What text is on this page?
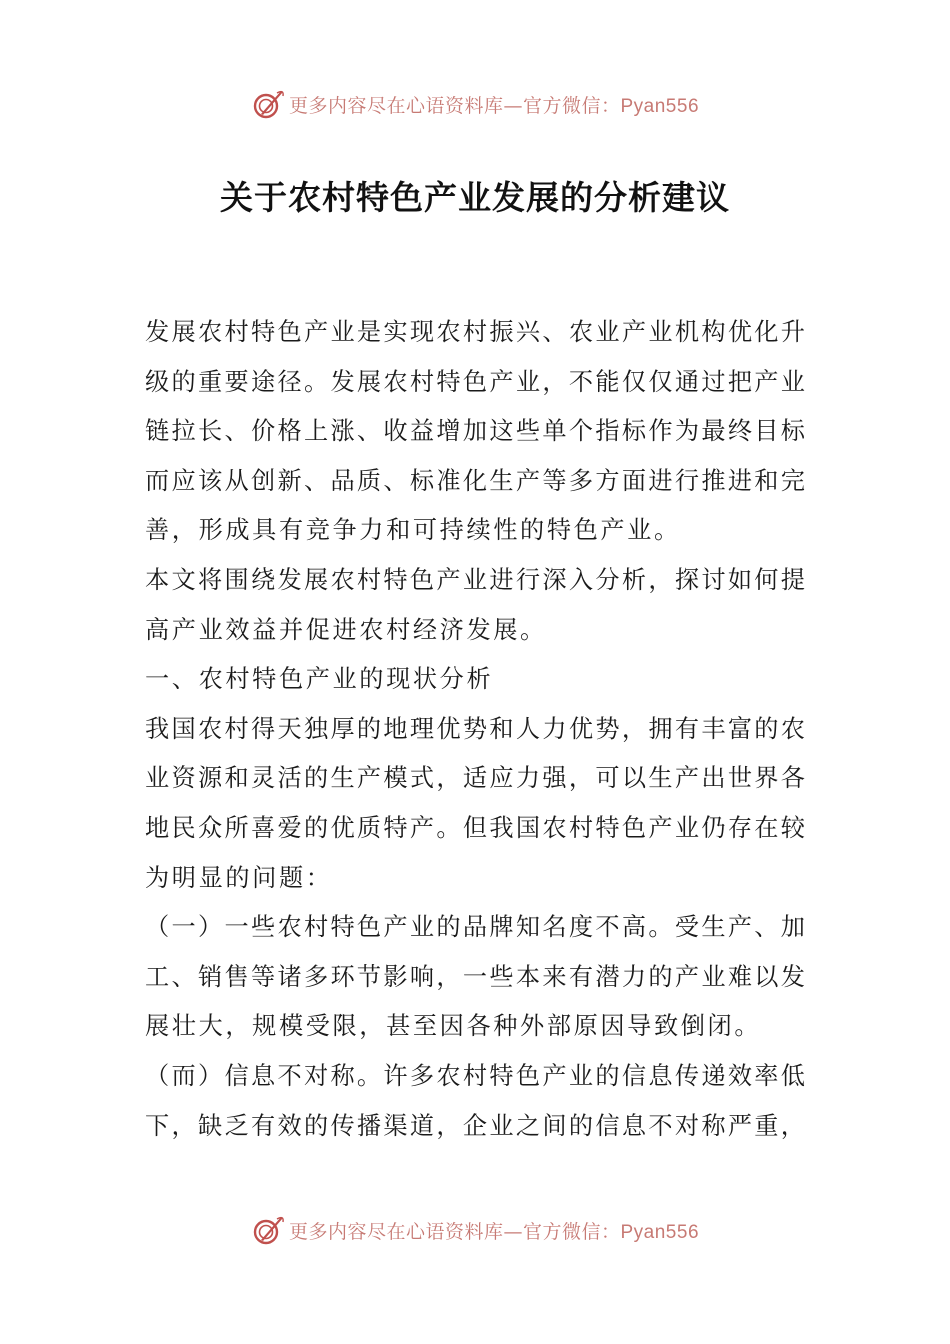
更多内容尽在心语资料库—官方微信：Pyan556
关于农村特色产业发展的分析建议
发展农村特色产业是实现农村振兴、农业产业机构优化升
级的重要途径。发展农村特色产业，不能仅仅通过把产业
链拉长、价格上涨、收益增加这些单个指标作为最终目标
而应该从创新、品质、标准化生产等多方面进行推进和完
善，形成具有竞争力和可持续性的特色产业。
本文将围绕发展农村特色产业进行深入分析，探讨如何提
高产业效益并促进农村经济发展。
一、农村特色产业的现状分析
我国农村得天独厚的地理优势和人力优势，拥有丰富的农
业资源和灵活的生产模式，适应力强，可以生产出世界各
地民众所喜爱的优质特产。但我国农村特色产业仍存在较
为明显的问题：
（一）一些农村特色产业的品牌知名度不高。受生产、加
工、销售等诸多环节影响，一些本来有潜力的产业难以发
展壮大，规模受限，甚至因各种外部原因导致倒闭。
（而）信息不对称。许多农村特色产业的信息传递效率低
下，缺乏有效的传播渠道，企业之间的信息不对称严重，
更多内容尽在心语资料库—官方微信：Pyan556
